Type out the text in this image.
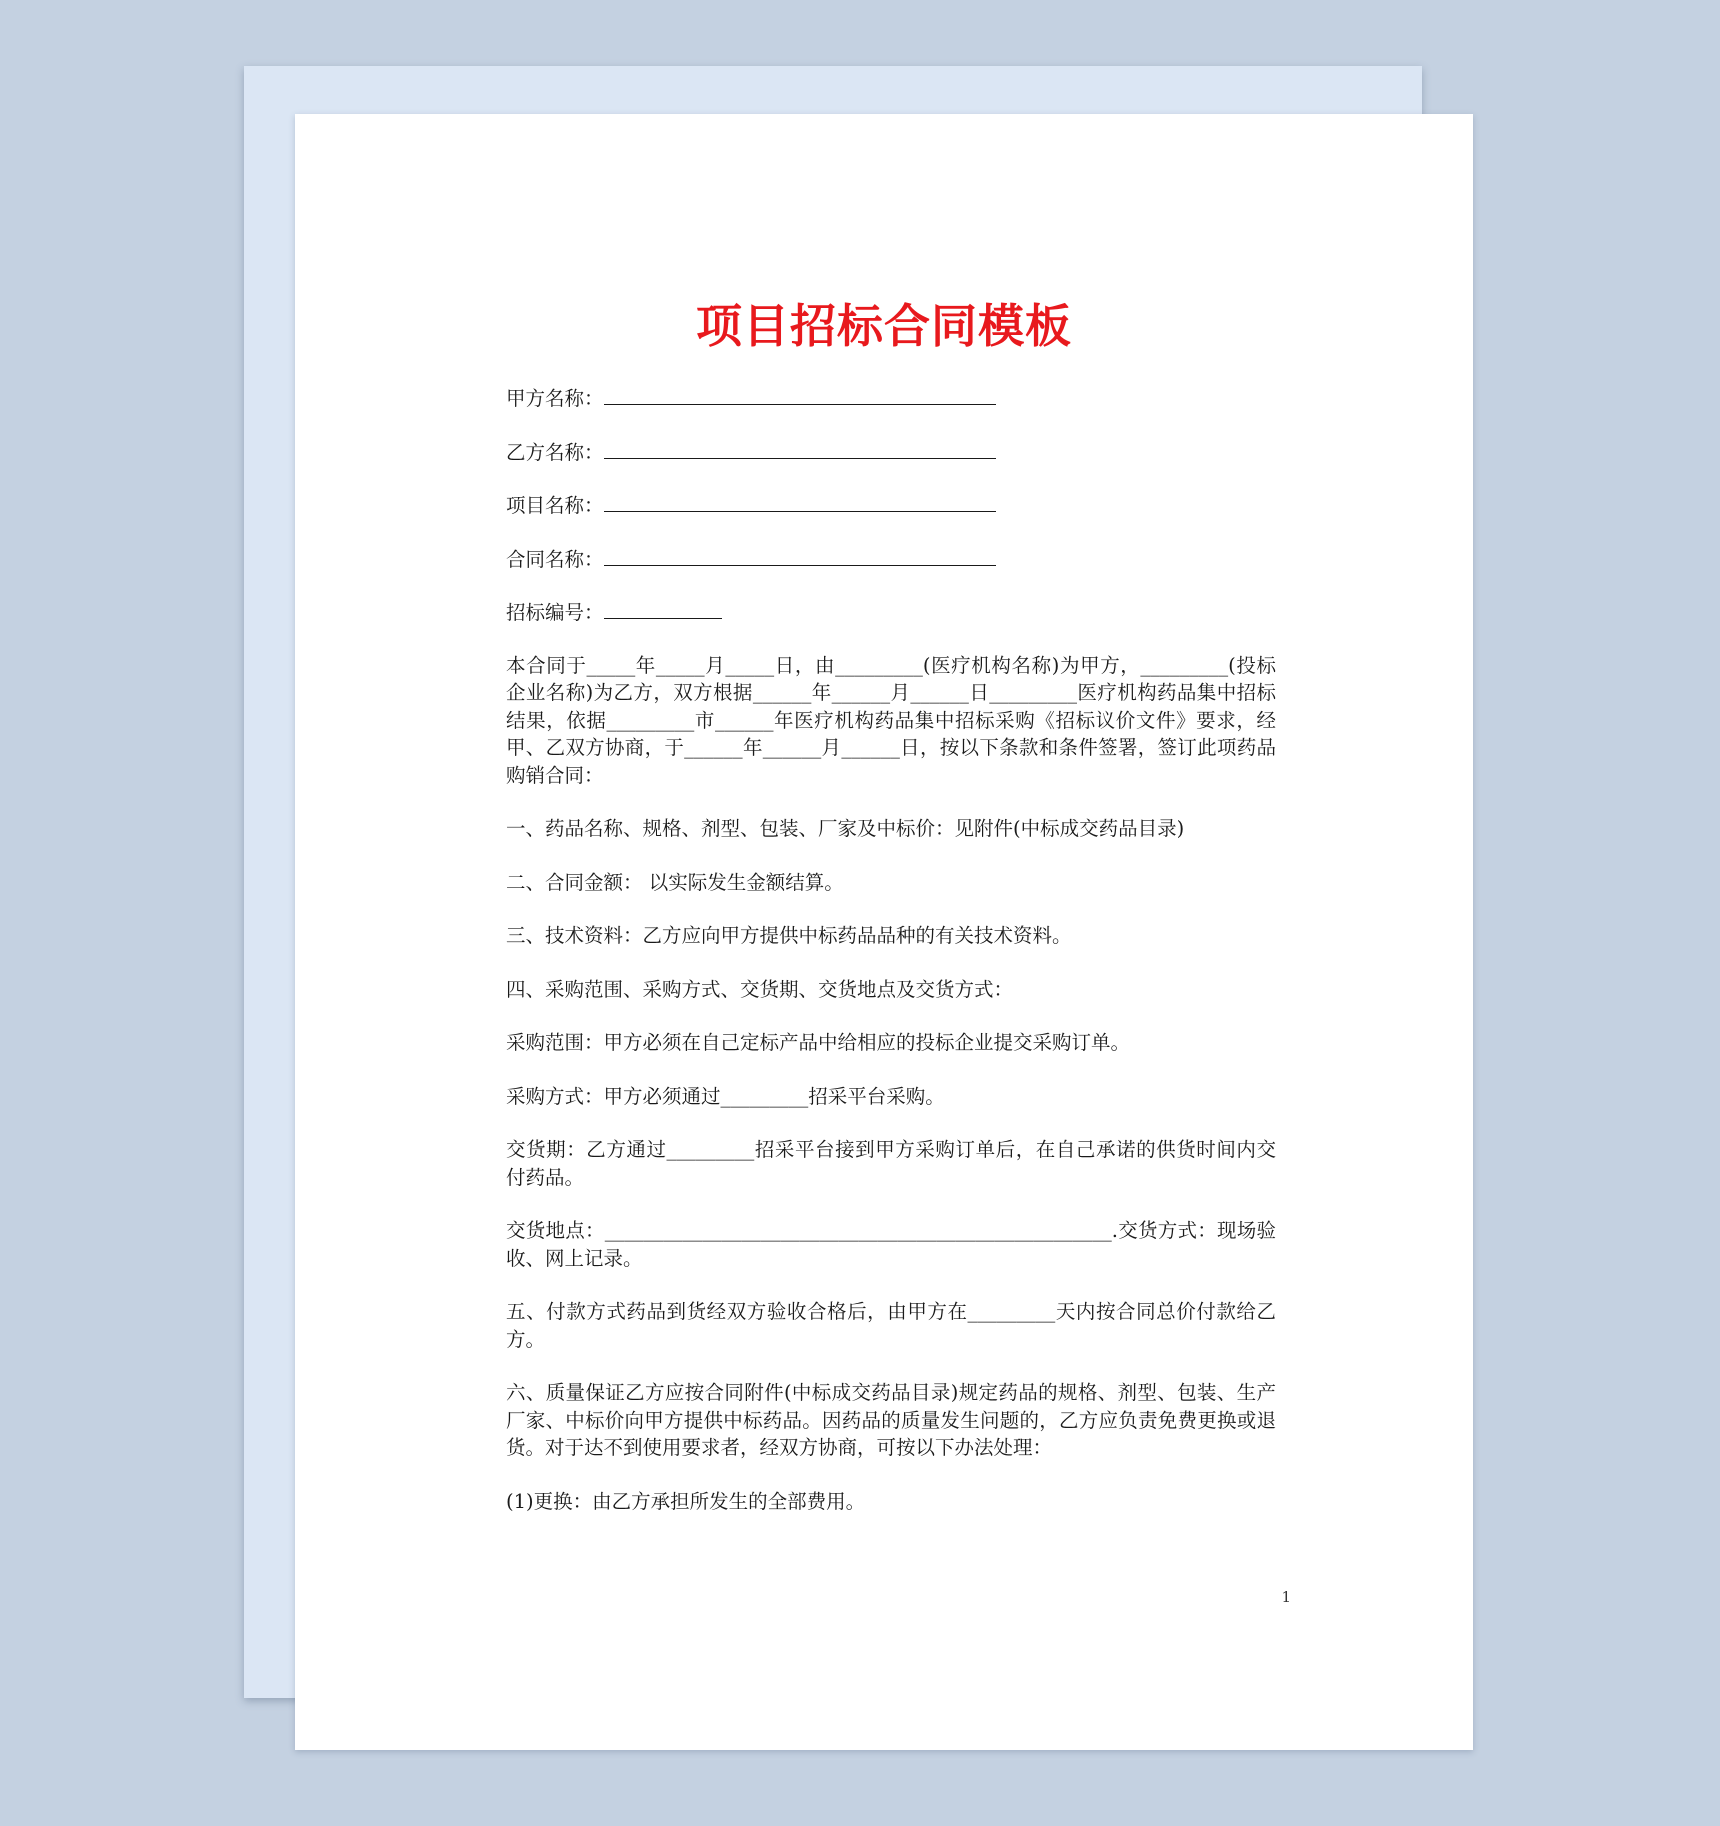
项目招标合同模板
甲方名称：
乙方名称：
项目名称：
合同名称：
招标编号：

本合同于_____年_____月_____日，由_________(医疗机构名称)为甲方，_________(投标企业名称)为乙方，双方根据______年______月______日_________医疗机构药品集中招标结果，依据_________市______年医疗机构药品集中招标采购《招标议价文件》要求，经甲、乙双方协商，于______年______月______日，按以下条款和条件签署，签订此项药品购销合同：

一、药品名称、规格、剂型、包装、厂家及中标价：见附件(中标成交药品目录)

二、合同金额： 以实际发生金额结算。

三、技术资料：乙方应向甲方提供中标药品品种的有关技术资料。

四、采购范围、采购方式、交货期、交货地点及交货方式：

采购范围：甲方必须在自己定标产品中给相应的投标企业提交采购订单。

采购方式：甲方必须通过_________招采平台采购。

交货期：乙方通过_________招采平台接到甲方采购订单后，在自己承诺的供货时间内交付药品。

交货地点：____________________________________________________.交货方式：现场验收、网上记录。

五、付款方式药品到货经双方验收合格后，由甲方在_________天内按合同总价付款给乙方。

六、质量保证乙方应按合同附件(中标成交药品目录)规定药品的规格、剂型、包装、生产厂家、中标价向甲方提供中标药品。因药品的质量发生问题的，乙方应负责免费更换或退货。对于达不到使用要求者，经双方协商，可按以下办法处理：

(1)更换：由乙方承担所发生的全部费用。

1
